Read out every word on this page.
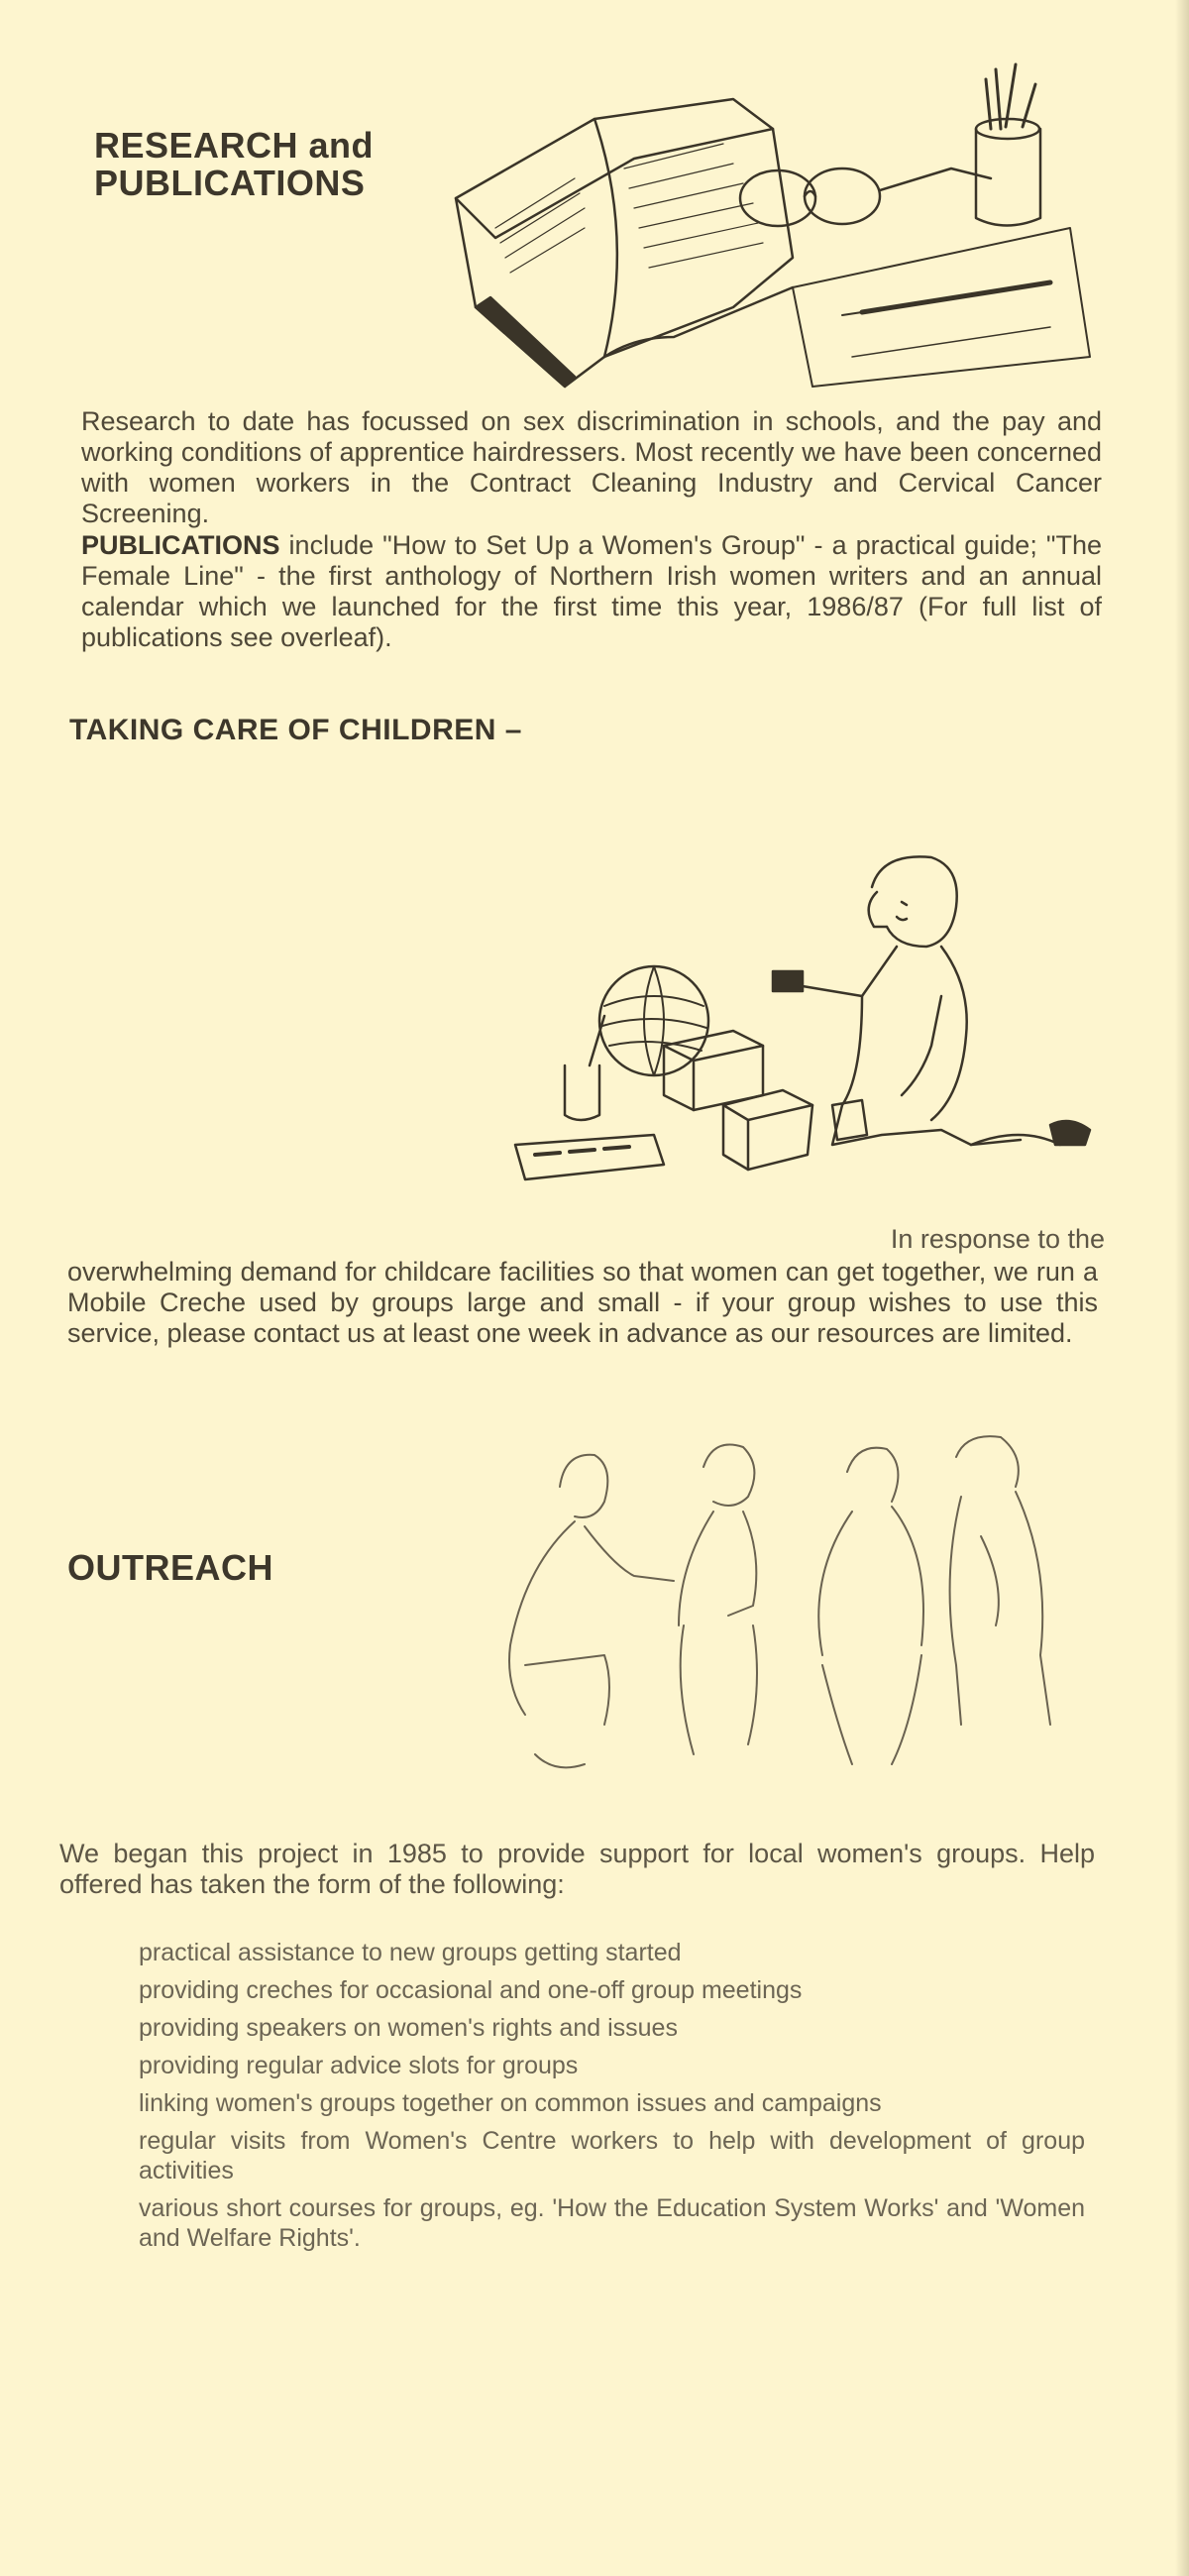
RESEARCH and
PUBLICATIONS

Research to date has focussed on sex discrimination in schools, and the pay and working conditions of apprentice hairdressers. Most recently we have been concerned with women workers in the Contract Cleaning Industry and Cervical Cancer Screening.

PUBLICATIONS include "How to Set Up a Women's Group" - a practical guide; "The Female Line" - the first anthology of Northern Irish women writers and an annual calendar which we launched for the first time this year, 1986/87 (For full list of publications see overleaf).

TAKING CARE OF CHILDREN –

In response to the

overwhelming demand for childcare facilities so that women can get together, we run a Mobile Creche used by groups large and small - if your group wishes to use this service, please contact us at least one week in advance as our resources are limited.

OUTREACH

We began this project in 1985 to provide support for local women's groups. Help offered has taken the form of the following:

practical assistance to new groups getting started
providing creches for occasional and one-off group meetings
providing speakers on women's rights and issues
providing regular advice slots for groups
linking women's groups together on common issues and campaigns
regular visits from Women's Centre workers to help with development of group activities
various short courses for groups, eg. 'How the Education System Works' and 'Women and Welfare Rights'.
